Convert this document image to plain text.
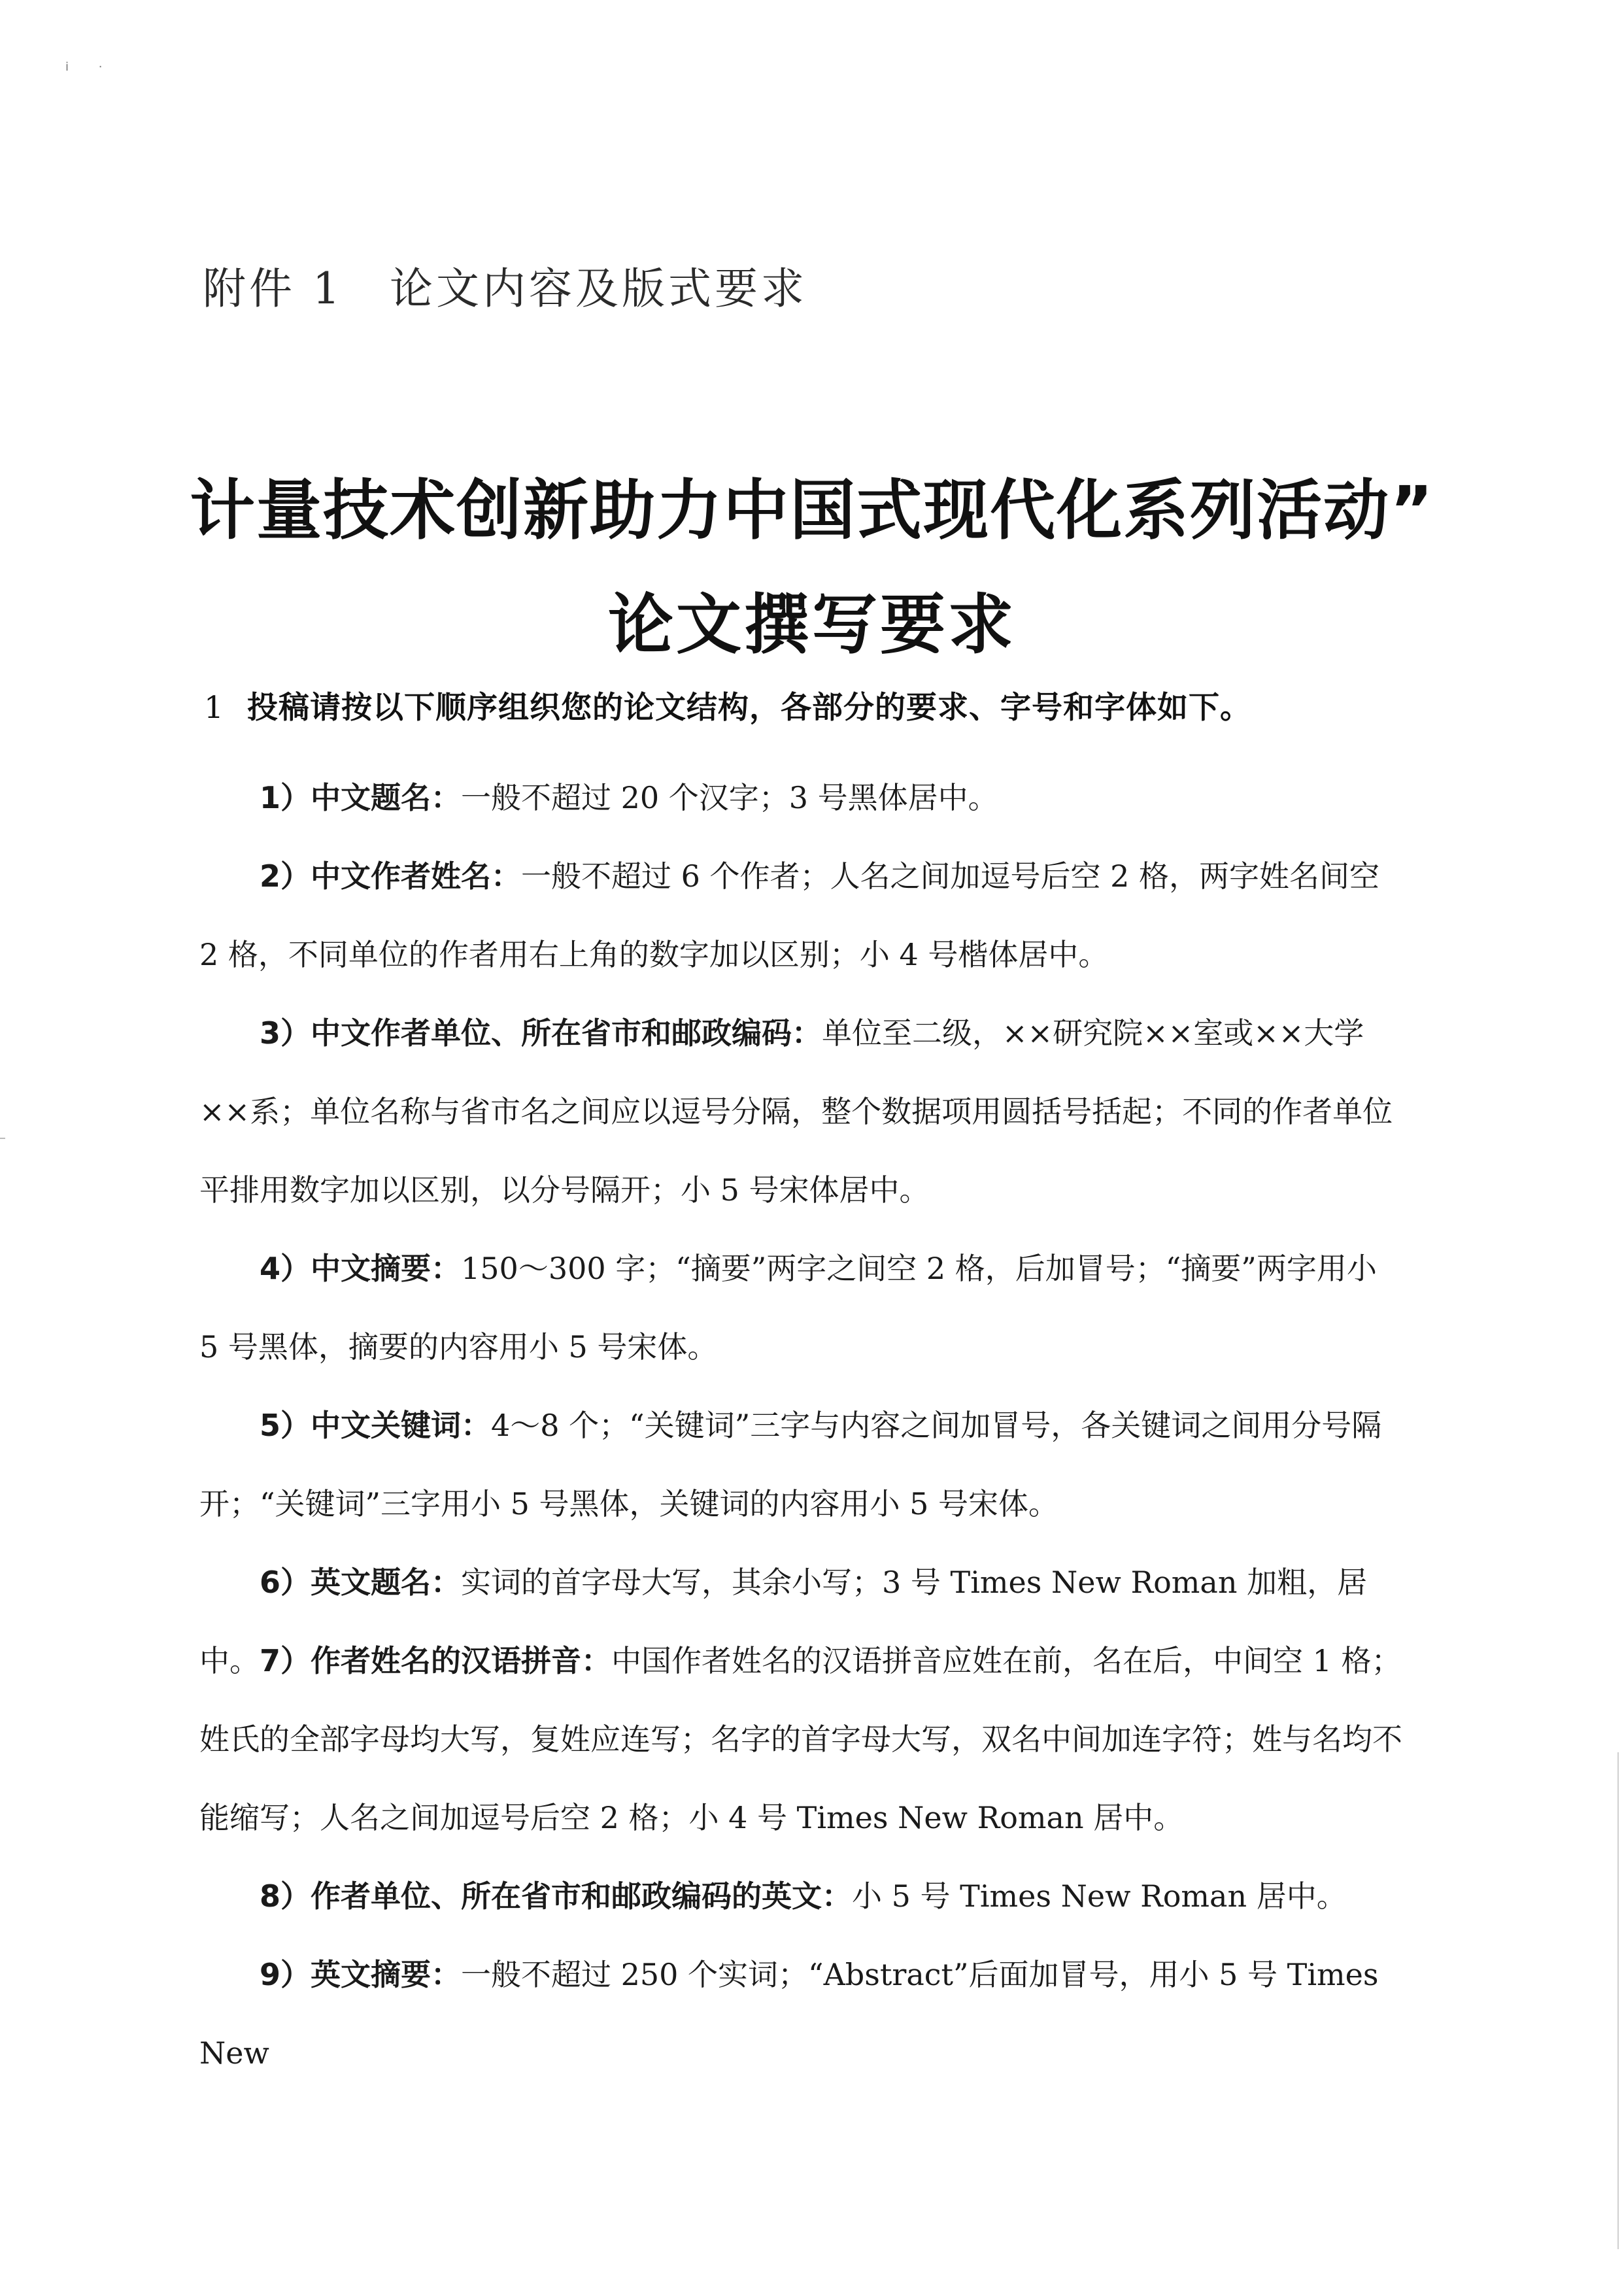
i ·
附件 1　论文内容及版式要求
计量技术创新助力中国式现代化系列活动”
论文撰写要求
1 投稿请按以下顺序组织您的论文结构，各部分的要求、字号和字体如下。
1）中文题名：一般不超过 20 个汉字；3 号黑体居中。
2）中文作者姓名：一般不超过 6 个作者；人名之间加逗号后空 2 格，两字姓名间空 2 格，不同单位的作者用右上角的数字加以区别；小 4 号楷体居中。
3）中文作者单位、所在省市和邮政编码：单位至二级，××研究院××室或××大学××系；单位名称与省市名之间应以逗号分隔，整个数据项用圆括号括起；不同的作者单位平排用数字加以区别，以分号隔开；小 5 号宋体居中。
4）中文摘要：150～300 字；“摘要”两字之间空 2 格，后加冒号；“摘要”两字用小 5 号黑体，摘要的内容用小 5 号宋体。
5）中文关键词：4～8 个；“关键词”三字与内容之间加冒号，各关键词之间用分号隔开；“关键词”三字用小 5 号黑体，关键词的内容用小 5 号宋体。
6）英文题名：实词的首字母大写，其余小写；3 号 Times New Roman 加粗，居中。 7）作者姓名的汉语拼音：中国作者姓名的汉语拼音应姓在前，名在后，中间空 1 格；姓氏的全部字母均大写，复姓应连写；名字的首字母大写，双名中间加连字符；姓与名均不能缩写；人名之间加逗号后空 2 格；小 4 号 Times New Roman 居中。
8）作者单位、所在省市和邮政编码的英文：小 5 号 Times New Roman 居中。
9）英文摘要：一般不超过 250 个实词；“Abstract”后面加冒号，用小 5 号 Times New
